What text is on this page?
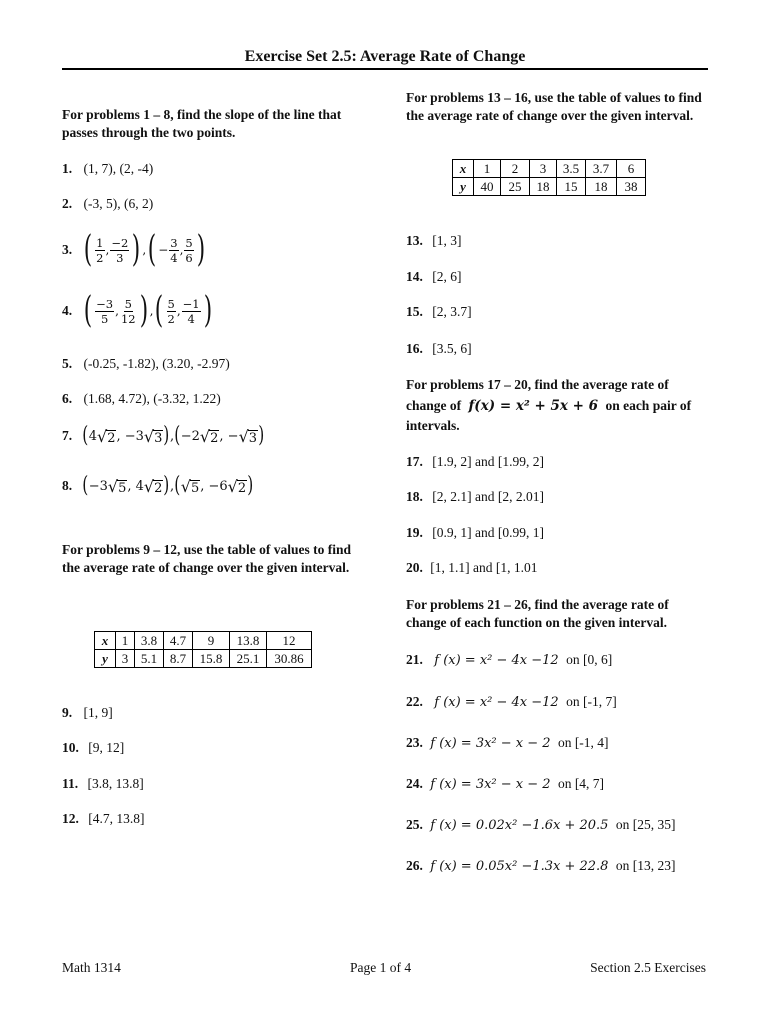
Exercise Set 2.5: Average Rate of Change
For problems 1 – 8, find the slope of the line that passes through the two points.
1. (1, 7), (2, -4)
2. (-3, 5), (6, 2)
3. ( $\frac{1}{2}$ , $\frac{-2}{3}$ ) , ( − $\frac{3}{4}$ , $\frac{5}{6}$ )
4. ( $\frac{-3}{5}$ , $\frac{5}{12}$ ) , ( $\frac{5}{2}$ , $\frac{-1}{4}$ )
5. (-0.25, -1.82), (3.20, -2.97)
6. (1.68, 4.72), (-3.32, 1.22)
7. ( 4 √ 2 , −3 √ 3 ) , ( −2 √ 2 , − √ 3 )
8. ( −3 √ 5 , 4 √ 2 ) , ( √ 5 , −6 √ 2 )
For problems 9 – 12, use the table of values to find the average rate of change over the given interval.
x	1	3.8	4.7	9	13.8	12
y	3	5.1	8.7	15.8	25.1	30.86
9. [1, 9]
10. [9, 12]
11. [3.8, 13.8]
12. [4.7, 13.8]
For problems 13 – 16, use the table of values to find the average rate of change over the given interval.
x	1	2	3	3.5	3.7	6
y	40	25	18	15	18	38
13. [1, 3]
14. [2, 6]
15. [2, 3.7]
16. [3.5, 6]
For problems 17 – 20, find the average rate of
change of f(x) = x² + 5x + 6 on each pair of
intervals.
17. [1.9, 2] and [1.99, 2]
18. [2, 2.1] and [2, 2.01]
19. [0.9, 1] and [0.99, 1]
20. [1, 1.1] and [1, 1.01
For problems 21 – 26, find the average rate of change of each function on the given interval.
21. f (x) = x² − 4x −12 on [0, 6]
22. f (x) = x² − 4x −12 on [-1, 7]
23. f (x) = 3x² − x − 2 on [-1, 4]
24. f (x) = 3x² − x − 2 on [4, 7]
25. f (x) = 0.02x² −1.6x + 20.5 on [25, 35]
26. f (x) = 0.05x² −1.3x + 22.8 on [13, 23]
Math 1314	Page 1 of 4	Section 2.5 Exercises
